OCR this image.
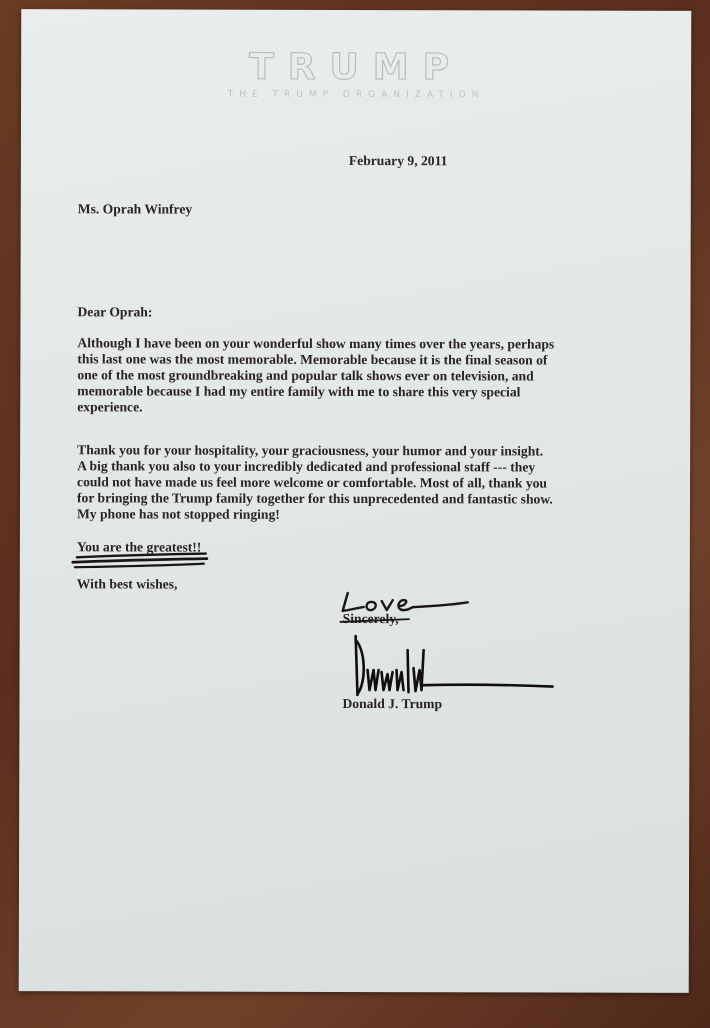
TRUMP
THE TRUMP ORGANIZATION
February 9, 2011
Ms. Oprah Winfrey
Dear Oprah:
Although I have been on your wonderful show many times over the years, perhaps
this last one was the most memorable. Memorable because it is the final season of
one of the most groundbreaking and popular talk shows ever on television, and
memorable because I had my entire family with me to share this very special
experience.
Thank you for your hospitality, your graciousness, your humor and your insight.
A big thank you also to your incredibly dedicated and professional staff --- they
could not have made us feel more welcome or comfortable. Most of all, thank you
for bringing the Trump family together for this unprecedented and fantastic show.
My phone has not stopped ringing!
You are the greatest!!
With best wishes,
Sincerely,
Donald J. Trump
